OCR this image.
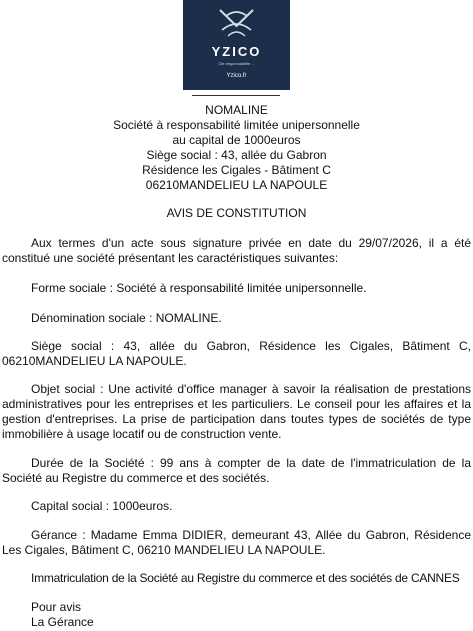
YZICO
Cle responsabilite ...
Yzico.fr
NOMALINE
Société à responsabilité limitée unipersonnelle
au capital de 1000euros
Siège social : 43, allée du Gabron
Résidence les Cigales - Bâtiment C
06210MANDELIEU LA NAPOULE
AVIS DE CONSTITUTION

Aux termes d'un acte sous signature privée en date du 29/07/2026, il a été constitué une société présentant les caractéristiques suivantes:

Forme sociale : Société à responsabilité limitée unipersonnelle.

Dénomination sociale : NOMALINE.

Siège social : 43, allée du Gabron, Résidence les Cigales, Bâtiment C, 06210MANDELIEU LA NAPOULE.

Objet social : Une activité d'office manager à savoir la réalisation de prestations administratives pour les entreprises et les particuliers. Le conseil pour les affaires et la gestion d'entreprises. La prise de participation dans toutes types de sociétés de type immobilière à usage locatif ou de construction vente.

Durée de la Société : 99 ans à compter de la date de l'immatriculation de la Société au Registre du commerce et des sociétés.

Capital social : 1000euros.

Gérance : Madame Emma DIDIER, demeurant 43, Allée du Gabron, Résidence Les Cigales, Bâtiment C, 06210 MANDELIEU LA NAPOULE.

Immatriculation de la Société au Registre du commerce et des sociétés de CANNES

Pour avis
La Gérance
